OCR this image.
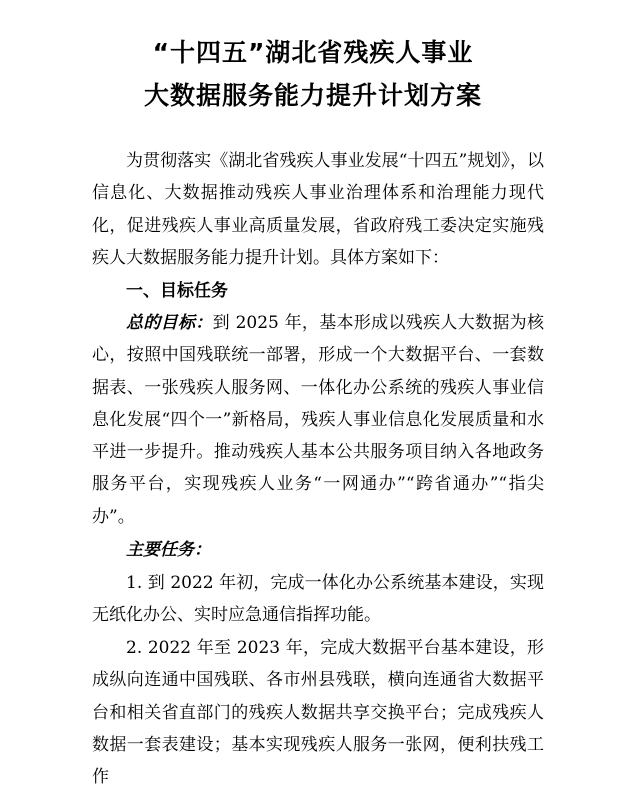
“十四五”湖北省残疾人事业
大数据服务能力提升计划方案

为贯彻落实《湖北省残疾人事业发展“十四五”规划》，以信息化、大数据推动残疾人事业治理体系和治理能力现代化，促进残疾人事业高质量发展，省政府残工委决定实施残疾人大数据服务能力提升计划。具体方案如下：

一、目标任务

总的目标：到 2025 年，基本形成以残疾人大数据为核心，按照中国残联统一部署，形成一个大数据平台、一套数据表、一张残疾人服务网、一体化办公系统的残疾人事业信息化发展“四个一”新格局，残疾人事业信息化发展质量和水平进一步提升。推动残疾人基本公共服务项目纳入各地政务服务平台，实现残疾人业务“一网通办”“跨省通办”“指尖办”。

主要任务：

1. 到 2022 年初，完成一体化办公系统基本建设，实现无纸化办公、实时应急通信指挥功能。

2. 2022 年至 2023 年，完成大数据平台基本建设，形成纵向连通中国残联、各市州县残联，横向连通省大数据平台和相关省直部门的残疾人数据共享交换平台；完成残疾人数据一套表建设；基本实现残疾人服务一张网，便利扶残工作
